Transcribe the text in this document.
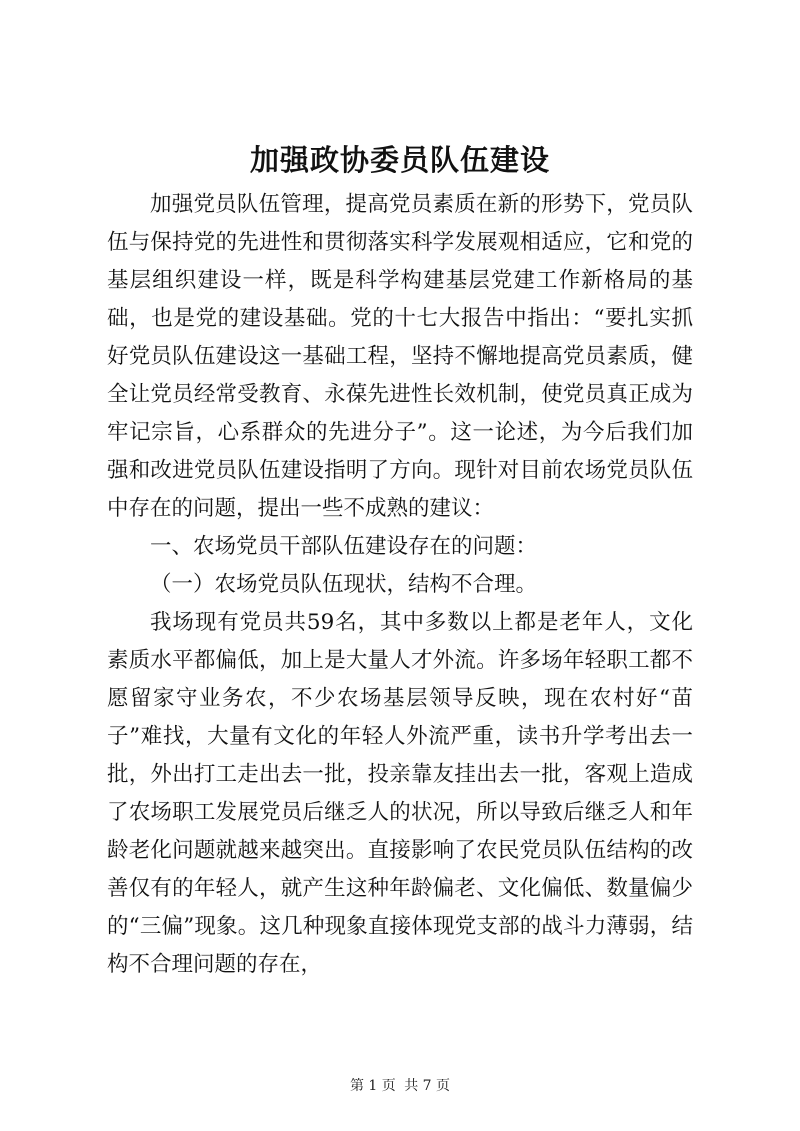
加强政协委员队伍建设

加强党员队伍管理，提高党员素质在新的形势下，党员队伍与保持党的先进性和贯彻落实科学发展观相适应，它和党的基层组织建设一样，既是科学构建基层党建工作新格局的基础，也是党的建设基础。党的十七大报告中指出：“要扎实抓好党员队伍建设这一基础工程，坚持不懈地提高党员素质，健全让党员经常受教育、永葆先进性长效机制，使党员真正成为牢记宗旨，心系群众的先进分子”。这一论述，为今后我们加强和改进党员队伍建设指明了方向。现针对目前农场党员队伍中存在的问题，提出一些不成熟的建议：

一、农场党员干部队伍建设存在的问题：

（一）农场党员队伍现状，结构不合理。

我场现有党员共59名，其中多数以上都是老年人，文化素质水平都偏低，加上是大量人才外流。许多场年轻职工都不愿留家守业务农，不少农场基层领导反映，现在农村好“苗子”难找，大量有文化的年轻人外流严重，读书升学考出去一批，外出打工走出去一批，投亲靠友挂出去一批，客观上造成了农场职工发展党员后继乏人的状况，所以导致后继乏人和年龄老化问题就越来越突出。直接影响了农民党员队伍结构的改善仅有的年轻人，就产生这种年龄偏老、文化偏低、数量偏少的“三偏”现象。这几种现象直接体现党支部的战斗力薄弱，结构不合理问题的存在，

第 1 页 共 7 页
